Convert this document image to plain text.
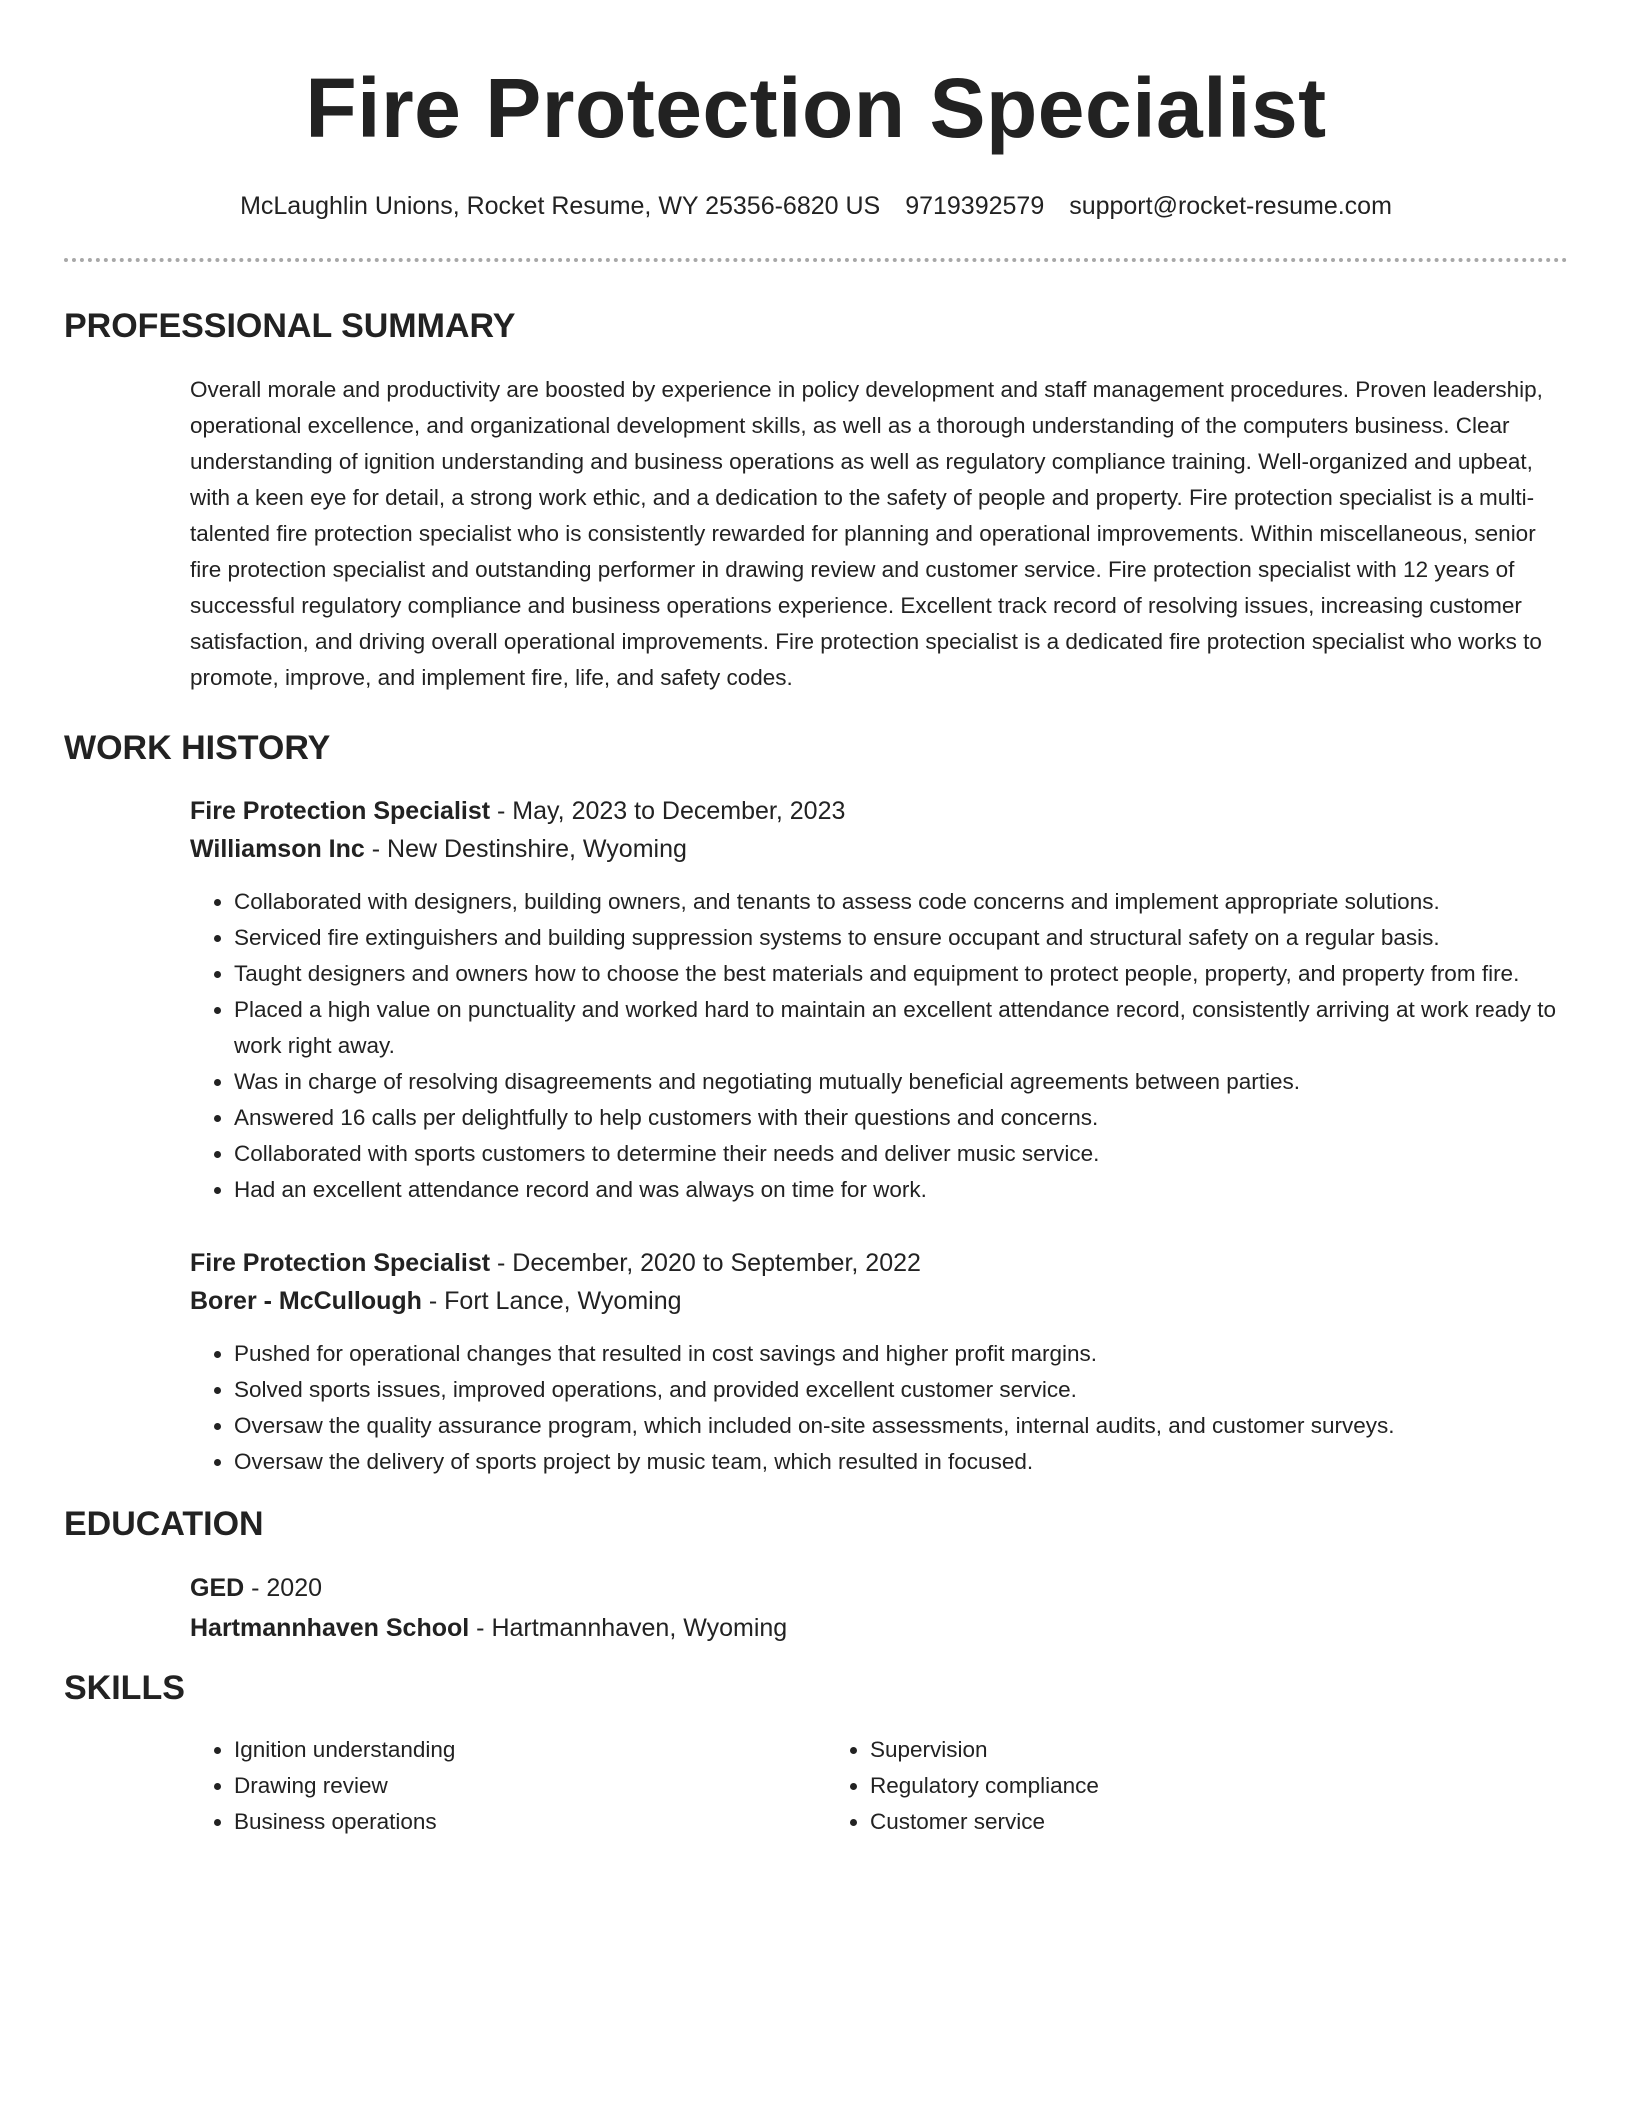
Fire Protection Specialist
McLaughlin Unions, Rocket Resume, WY 25356-6820 US 9719392579 support@rocket-resume.com
PROFESSIONAL SUMMARY

Overall morale and productivity are boosted by experience in policy development and staff management procedures. Proven leadership, operational excellence, and organizational development skills, as well as a thorough understanding of the computers business. Clear understanding of ignition understanding and business operations as well as regulatory compliance training. Well-organized and upbeat, with a keen eye for detail, a strong work ethic, and a dedication to the safety of people and property. Fire protection specialist is a multi-talented fire protection specialist who is consistently rewarded for planning and operational improvements. Within miscellaneous, senior fire protection specialist and outstanding performer in drawing review and customer service. Fire protection specialist with 12 years of successful regulatory compliance and business operations experience. Excellent track record of resolving issues, increasing customer satisfaction, and driving overall operational improvements. Fire protection specialist is a dedicated fire protection specialist who works to promote, improve, and implement fire, life, and safety codes.

WORK HISTORY
Fire Protection Specialist - May, 2023 to December, 2023
Williamson Inc - New Destinshire, Wyoming
• Collaborated with designers, building owners, and tenants to assess code concerns and implement appropriate solutions.
• Serviced fire extinguishers and building suppression systems to ensure occupant and structural safety on a regular basis.
• Taught designers and owners how to choose the best materials and equipment to protect people, property, and property from fire.
• Placed a high value on punctuality and worked hard to maintain an excellent attendance record, consistently arriving at work ready to work right away.
• Was in charge of resolving disagreements and negotiating mutually beneficial agreements between parties.
• Answered 16 calls per delightfully to help customers with their questions and concerns.
• Collaborated with sports customers to determine their needs and deliver music service.
• Had an excellent attendance record and was always on time for work.
Fire Protection Specialist - December, 2020 to September, 2022
Borer - McCullough - Fort Lance, Wyoming
• Pushed for operational changes that resulted in cost savings and higher profit margins.
• Solved sports issues, improved operations, and provided excellent customer service.
• Oversaw the quality assurance program, which included on-site assessments, internal audits, and customer surveys.
• Oversaw the delivery of sports project by music team, which resulted in focused.
EDUCATION
GED - 2020
Hartmannhaven School - Hartmannhaven, Wyoming
SKILLS
• Ignition understanding
• Drawing review
• Business operations
• Supervision
• Regulatory compliance
• Customer service
